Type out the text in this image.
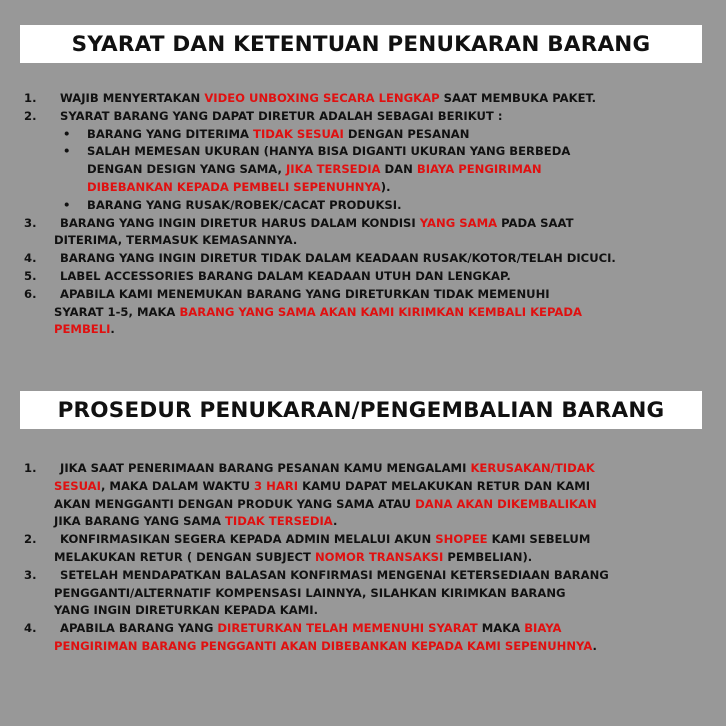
SYARAT DAN KETENTUAN PENUKARAN BARANG
1. WAJIB MENYERTAKAN VIDEO UNBOXING SECARA LENGKAP SAAT MEMBUKA PAKET.
2. SYARAT BARANG YANG DAPAT DIRETUR ADALAH SEBAGAI BERIKUT :
• BARANG YANG DITERIMA TIDAK SESUAI DENGAN PESANAN
• SALAH MEMESAN UKURAN (HANYA BISA DIGANTI UKURAN YANG BERBEDA
DENGAN DESIGN YANG SAMA, JIKA TERSEDIA DAN BIAYA PENGIRIMAN
DIBEBANKAN KEPADA PEMBELI SEPENUHNYA).
• BARANG YANG RUSAK/ROBEK/CACAT PRODUKSI.
3. BARANG YANG INGIN DIRETUR HARUS DALAM KONDISI YANG SAMA PADA SAAT
DITERIMA, TERMASUK KEMASANNYA.
4. BARANG YANG INGIN DIRETUR TIDAK DALAM KEADAAN RUSAK/KOTOR/TELAH DICUCI.
5. LABEL ACCESSORIES BARANG DALAM KEADAAN UTUH DAN LENGKAP.
6. APABILA KAMI MENEMUKAN BARANG YANG DIRETURKAN TIDAK MEMENUHI
SYARAT 1-5, MAKA BARANG YANG SAMA AKAN KAMI KIRIMKAN KEMBALI KEPADA
PEMBELI.
PROSEDUR PENUKARAN/PENGEMBALIAN BARANG
1. JIKA SAAT PENERIMAAN BARANG PESANAN KAMU MENGALAMI KERUSAKAN/TIDAK
SESUAI, MAKA DALAM WAKTU 3 HARI KAMU DAPAT MELAKUKAN RETUR DAN KAMI
AKAN MENGGANTI DENGAN PRODUK YANG SAMA ATAU DANA AKAN DIKEMBALIKAN
JIKA BARANG YANG SAMA TIDAK TERSEDIA.
2. KONFIRMASIKAN SEGERA KEPADA ADMIN MELALUI AKUN SHOPEE KAMI SEBELUM
MELAKUKAN RETUR ( DENGAN SUBJECT NOMOR TRANSAKSI PEMBELIAN).
3. SETELAH MENDAPATKAN BALASAN KONFIRMASI MENGENAI KETERSEDIAAN BARANG
PENGGANTI/ALTERNATIF KOMPENSASI LAINNYA, SILAHKAN KIRIMKAN BARANG
YANG INGIN DIRETURKAN KEPADA KAMI.
4. APABILA BARANG YANG DIRETURKAN TELAH MEMENUHI SYARAT MAKA BIAYA
PENGIRIMAN BARANG PENGGANTI AKAN DIBEBANKAN KEPADA KAMI SEPENUHNYA.
